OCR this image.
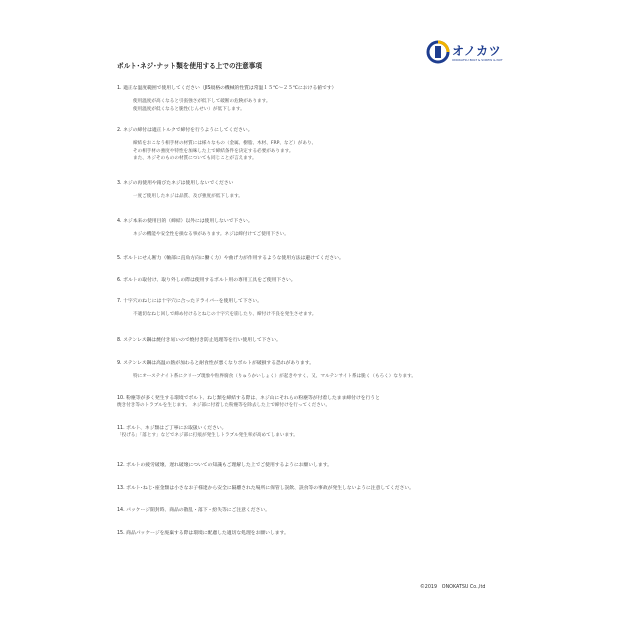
オノカツ
ONOKATSU BOLT & SCREW & NUT
ボルト･ネジ･ナット類を使用する上での注意事項
1. 適正な温度範囲で使用してください（JIS規格の機械的性質は常温１５℃～２５℃における値です）
使用温度が高くなると引張強さが低下して破断の危険があります。
使用温度が低くなると脆性(じんせい）が低下します。
2. ネジの締付は適正トルクで締付を行うようにしてください。
締結をおこなう相手材の材質には様々なもの（金属、樹脂、木材、FRP、など）があり、
その相手材の強度や特性を加味した上で締結条件を決定する必要があります。
また、ネジそのものの材質についても同じことが言えます。
3. ネジの再使用や錆びたネジは使用しないでください
一度ご使用したネジは品質、及び強度が低下します。
4. ネジ本来の使用目的（締結）以外には使用しないで下さい。
ネジの機能や安全性を損なる事があります。ネジは締付けてご使用下さい。
5. ボルトにせん断力（軸部に直角方向に働く力）や曲げ力が作用するような使用方法は避けてください。
6. ボルトの取付け、取り外しの際は使用するボルト用の専用工具をご使用下さい。
7. 十字穴のねじには十字穴に合ったドライバーを使用して下さい。
不適切なねじ回しで締め付けるとねじの十字穴を崩したり、締付け不良を発生させます。
8. ステンレス鋼は焼付き易いので焼付き防止処理等を行い使用して下さい。
9. ステンレス鋼は高温の熱が加わると耐食性が悪くなりボルトが破損する恐れがあります。
特にオーステナイト系にクリープ現象や粒界腐食（りゅうかいしょく）が起きやすく、又、マルテンサイト系は脆く（もろく）なります。
10. 粉塵等が多く発生する環境でボルト、ねじ類を締結する際は、ネジ山にそれらの粉塵等が付着したまま締付けを行うと
焼き付き等のトラブルを生じます。　ネジ部に付着した粉塵等を除去した上で締付けを行ってください。
11. ボルト、ネジ類はご丁寧にお取扱いください。
「投げる」「落とす」などでネジ部に打痕が発生しトラブル発生率が高めてしまいます。
12. ボルトの疲労破壊、遅れ破壊についての知識もご理解した上でご使用するようにお願いします。
13. ボルト･ねじ･座金類は小さなお子様達から安全に隔離された場所に保管し誤飲、誤食等の事故が発生しないように注意してください。
14. パッケージ開封時、商品の散乱・落下・紛失等にご注意ください。
15. 商品パッケージを廃棄する際は環境に配慮した適切な処理をお願いします。
©2019　ONOKATSU Co.,ltd
